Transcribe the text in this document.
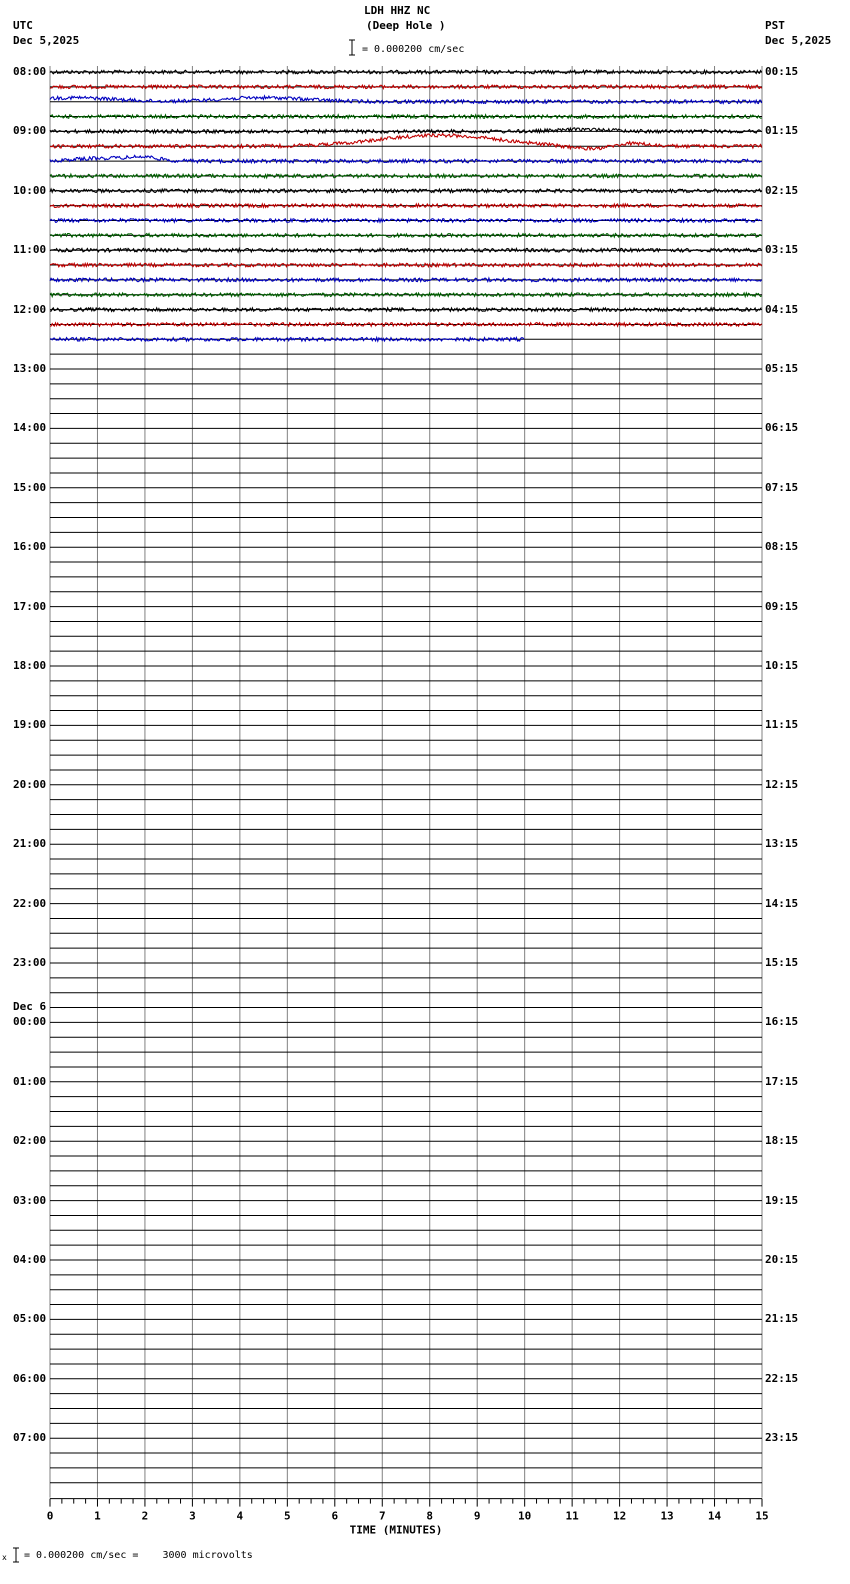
LDH HHZ NC
(Deep Hole )
UTC
Dec 5,2025
PST
Dec 5,2025
= 0.000200 cm/sec
0	1	2	3	4	5	6	7	8	9	10	11	12	13	14	15
TIME (MINUTES)
08:00
09:00
10:00
11:00
12:00
13:00
14:00
15:00
16:00
17:00
18:00
19:00
20:00
21:00
22:00
23:00
00:00
01:00
02:00
03:00
04:00
05:00
06:00
07:00
Dec 6
00:15
01:15
02:15
03:15
04:15
05:15
06:15
07:15
08:15
09:15
10:15
11:15
12:15
13:15
14:15
15:15
16:15
17:15
18:15
19:15
20:15
21:15
22:15
23:15
x = 0.000200 cm/sec =    3000 microvolts
